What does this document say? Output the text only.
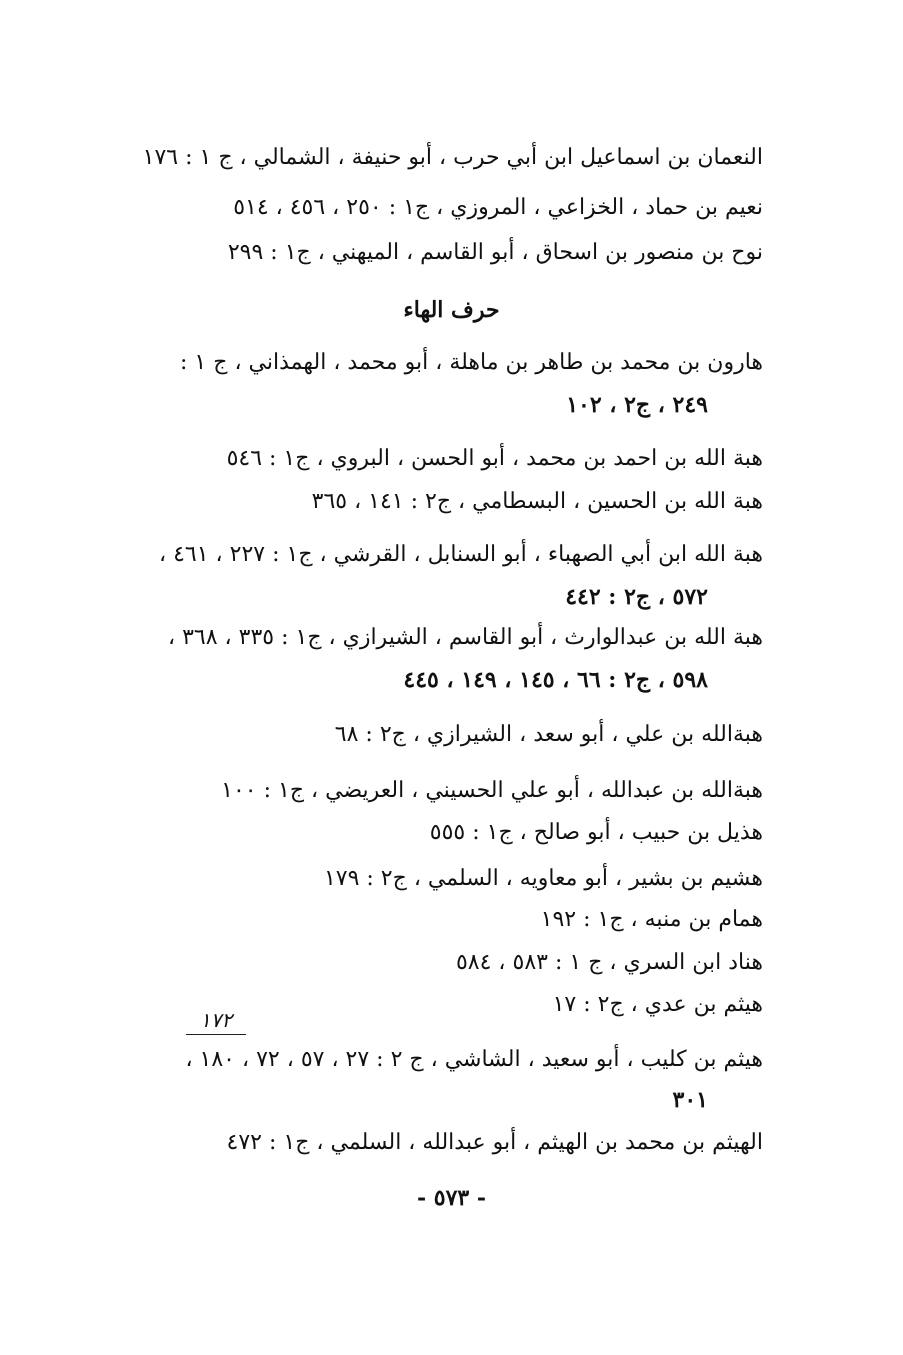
النعمان بن اسماعيل ابن أبي حرب ، أبو حنيفة ، الشمالي ، ج ١ : ١٧٦
نعيم بن حماد ، الخزاعي ، المروزي ، ج١ : ٢٥٠ ، ٤٥٦ ، ٥١٤
نوح بن منصور بن اسحاق ، أبو القاسم ، الميهني ، ج١ : ٢٩٩
حرف الهاء
هارون بن محمد بن طاهر بن ماهلة ، أبو محمد ، الهمذاني ، ج ١ :
٢٤٩ ، ج٢ ، ١٠٢
هبة الله بن احمد بن محمد ، أبو الحسن ، البروي ، ج١ : ٥٤٦
هبة الله بن الحسين ، البسطامي ، ج٢ : ١٤١ ، ٣٦٥
هبة الله ابن أبي الصهباء ، أبو السنابل ، القرشي ، ج١ : ٢٢٧ ، ٤٦١ ،
٥٧٢ ، ج٢ : ٤٤٢
هبة الله بن عبدالوارث ، أبو القاسم ، الشيرازي ، ج١ : ٣٣٥ ، ٣٦٨ ،
٥٩٨ ، ج٢ : ٦٦ ، ١٤٥ ، ١٤٩ ، ٤٤٥
هبةالله بن علي ، أبو سعد ، الشيرازي ، ج٢ : ٦٨
هبةالله بن عبدالله ، أبو علي الحسيني ، العريضي ، ج١ : ١٠٠
هذيل بن حبيب ، أبو صالح ، ج١ : ٥٥٥
هشيم بن بشير ، أبو معاويه ، السلمي ، ج٢ : ١٧٩
همام بن منبه ، ج١ : ١٩٢
هناد ابن السري ، ج ١ : ٥٨٣ ، ٥٨٤
هيثم بن عدي ، ج٢ : ١٧
١٧٢
هيثم بن كليب ، أبو سعيد ، الشاشي ، ج ٢ : ٢٧ ، ٥٧ ، ٧٢ ، ١٨٠ ،
٣٠١
الهيثم بن محمد بن الهيثم ، أبو عبدالله ، السلمي ، ج١ : ٤٧٢
- ٥٧٣ -
